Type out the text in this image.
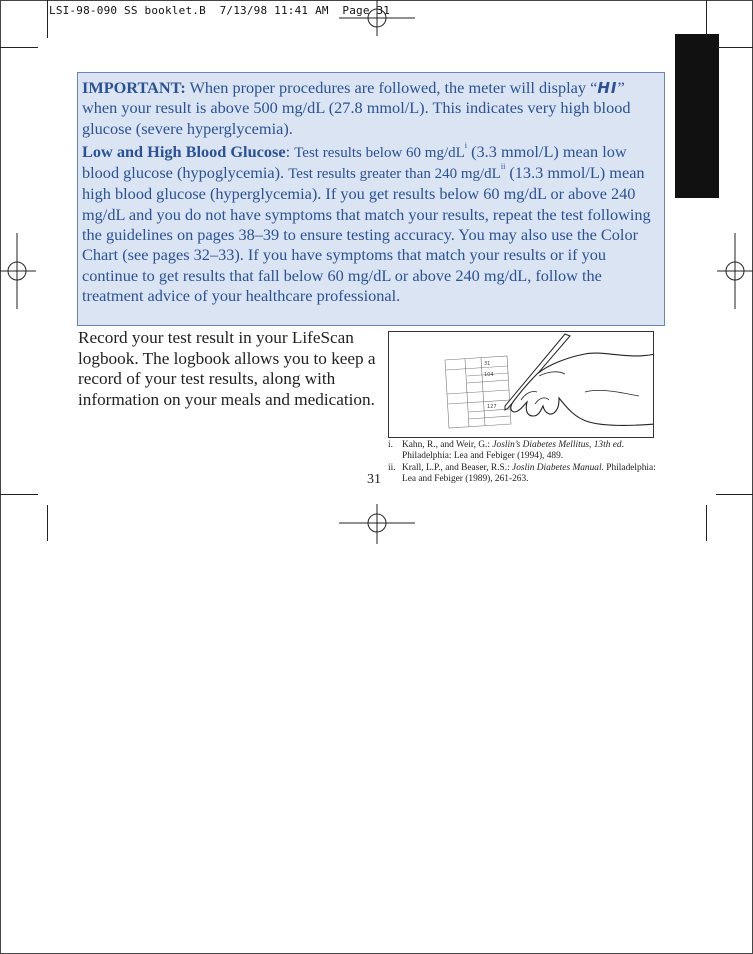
LSI-98-090 SS booklet.B  7/13/98 11:41 AM  Page 31

IMPORTANT: When proper procedures are followed, the meter will display “HI” when your result is above 500 mg/dL (27.8 mmol/L). This indicates very high blood glucose (severe hyperglycemia).

Low and High Blood Glucose: Test results below 60 $mg/dL^i$ (3.3 mmol/L) mean low blood glucose (hypoglycemia). Test results greater than 240 $mg/dL^{ii}$ (13.3 mmol/L) mean high blood glucose (hyperglycemia). If you get results below 60 mg/dL or above 240 mg/dL and you do not have symptoms that match your results, repeat the test following the guidelines on pages 38–39 to ensure testing accuracy. You may also use the Color Chart (see pages 32–33). If you have symptoms that match your results or if you continue to get results that fall below 60 mg/dL or above 240 mg/dL, follow the treatment advice of your healthcare professional.

Record your test result in your LifeScan logbook. The logbook allows you to keep a record of your test results, along with information on your meals and medication.

31
104
127
i. Kahn, R., and Weir, G.: Joslin’s Diabetes Mellitus, 13th ed. Philadelphia: Lea and Febiger (1994), 489.
ii. Krall, L.P., and Beaser, R.S.: Joslin Diabetes Manual. Philadelphia: Lea and Febiger (1989), 261-263.
31
